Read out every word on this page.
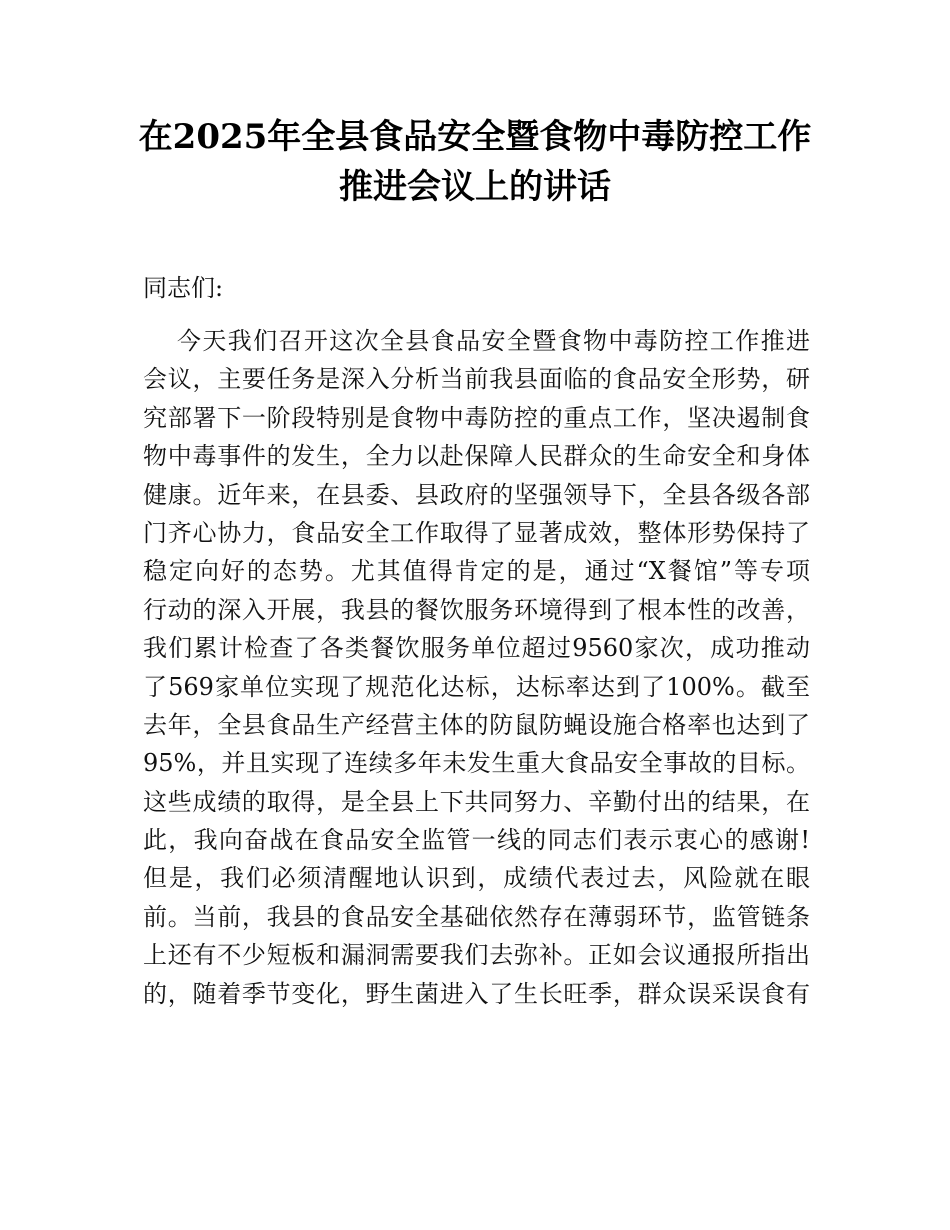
在2025年全县食品安全暨食物中毒防控工作
推进会议上的讲话

同志们:

今天我们召开这次全县食品安全暨食物中毒防控工作推进
会议，主要任务是深入分析当前我县面临的食品安全形势，研
究部署下一阶段特别是食物中毒防控的重点工作，坚决遏制食
物中毒事件的发生，全力以赴保障人民群众的生命安全和身体
健康。近年来，在县委、县政府的坚强领导下，全县各级各部
门齐心协力，食品安全工作取得了显著成效，整体形势保持了
稳定向好的态势。尤其值得肯定的是，通过“X餐馆”等专项
行动的深入开展，我县的餐饮服务环境得到了根本性的改善，
我们累计检查了各类餐饮服务单位超过9560家次，成功推动
了569家单位实现了规范化达标，达标率达到了100%。截至
去年，全县食品生产经营主体的防鼠防蝇设施合格率也达到了
95%，并且实现了连续多年未发生重大食品安全事故的目标。
这些成绩的取得，是全县上下共同努力、辛勤付出的结果，在
此，我向奋战在食品安全监管一线的同志们表示衷心的感谢!
但是，我们必须清醒地认识到，成绩代表过去，风险就在眼
前。当前，我县的食品安全基础依然存在薄弱环节，监管链条
上还有不少短板和漏洞需要我们去弥补。正如会议通报所指出
的，随着季节变化，野生菌进入了生长旺季，群众误采误食有
